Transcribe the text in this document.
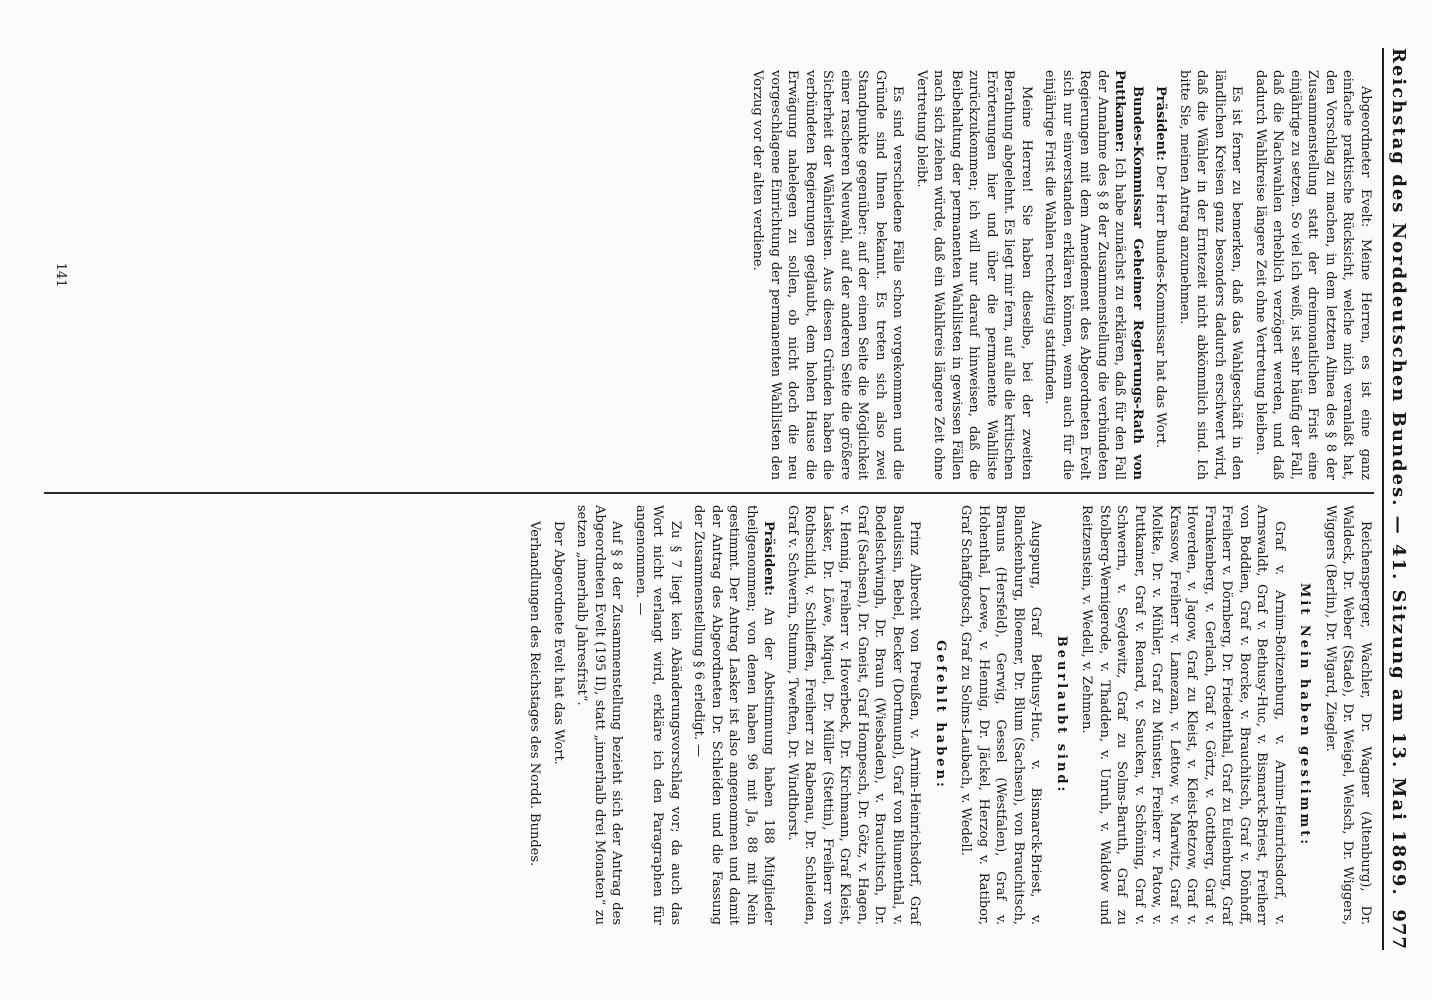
Reichstag des Norddeutschen Bundes. — 41. Sitzung am 13. Mai 1869.
977
Abgeordneter Evelt: Meine Herren, es ist eine ganz einfache praktische Rücksicht, welche mich veranlaßt hat, den Vorschlag zu machen, in dem letzten Alinea des § 8 der Zusammenstellung statt der dreimonatlichen Frist eine einjährige zu setzen. So viel ich weiß, ist sehr häufig der Fall, daß die Nachwahlen erheblich verzögert werden, und daß dadurch Wahlkreise längere Zeit ohne Vertretung bleiben.
Es ist ferner zu bemerken, daß das Wahlgeschäft in den ländlichen Kreisen ganz besonders dadurch erschwert wird, daß die Wähler in der Erntezeit nicht abkömmlich sind. Ich bitte Sie, meinen Antrag anzunehmen.
Präsident: Der Herr Bundes-Kommissar hat das Wort.
Bundes-Kommissar Geheimer Regierungs-Rath von Puttkamer: Ich habe zunächst zu erklären, daß für den Fall der Annahme des § 8 der Zusammenstellung die verbündeten Regierungen mit dem Amendement des Abgeordneten Evelt sich nur einverstanden erklären können, wenn auch für die einjährige Frist die Wahlen rechtzeitig stattfinden.
Meine Herren! Sie haben dieselbe, bei der zweiten Berathung abgelehnt. Es liegt mir fern, auf alle die kritischen Erörterungen hier und über die permanente Wahlliste zurückzukommen; ich will nur darauf hinweisen, daß die Beibehaltung der permanenten Wahllisten in gewissen Fällen nach sich ziehen würde, daß ein Wahlkreis längere Zeit ohne Vertretung bleibt.
Es sind verschiedene Fälle schon vorgekommen und die Gründe sind Ihnen bekannt. Es treten sich also zwei Standpunkte gegenüber: auf der einen Seite die Möglichkeit einer rascheren Neuwahl, auf der anderen Seite die größere Sicherheit der Wählerlisten. Aus diesen Gründen haben die verbündeten Regierungen geglaubt, dem hohen Hause die Erwägung nahelegen zu sollen, ob nicht doch die neu vorgeschlagene Einrichtung der permanenten Wahllisten den Vorzug vor der alten verdiene.
141
Reichensperger, Wachler, Dr. Wagner (Altenburg), Dr. Waldeck, Dr. Weber (Stade), Dr. Weigel, Welsch, Dr. Wiggers, Wiggers (Berlin), Dr. Wigard, Ziegler.
Mit Nein haben gestimmt:
Graf v. Arnim-Boitzenburg, v. Arnim-Heinrichsdorf, v. Arnswaldt, Graf v. Bethusy-Huc, v. Bismarck-Briest, Freiherr von Boddien, Graf v. Borcke, v. Brauchitsch, Graf v. Dönhoff, Freiherr v. Dörnberg, Dr. Friedenthal, Graf zu Eulenburg, Graf Frankenberg, v. Gerlach, Graf v. Görtz, v. Gottberg, Graf v. Hoverden, v. Jagow, Graf zu Kleist, v. Kleist-Retzow, Graf v. Krassow, Freiherr v. Lamezan, v. Lettow, v. Marwitz, Graf v. Moltke, Dr. v. Mühler, Graf zu Münster, Freiherr v. Patow, v. Puttkamer, Graf v. Renard, v. Saucken, v. Schöning, Graf v. Schwerin, v. Seydewitz, Graf zu Solms-Baruth, Graf zu Stolberg-Wernigerode, v. Thadden, v. Unruh, v. Waldow und Reitzenstein, v. Wedell, v. Zehmen.
Beurlaubt sind:
Augspurg, Graf Bethusy-Huc, v. Bismarck-Briest, v. Blanckenburg, Bloemer, Dr. Blum (Sachsen), von Brauchitsch, Brauns (Hersfeld), Gerwig, Gessel (Westfalen), Graf v. Hohenthal, Loewe, v. Hennig, Dr. Jäckel, Herzog v. Ratibor, Graf Schaffgotsch, Graf zu Solms-Laubach, v. Wedell.
Gefehlt haben:
Prinz Albrecht von Preußen, v. Arnim-Heinrichsdorf, Graf Baudissin, Bebel, Becker (Dortmund), Graf von Blumenthal, v. Bodelschwingh, Dr. Braun (Wiesbaden), v. Brauchitsch, Dr. Graf (Sachsen), Dr. Gneist, Graf Hompesch, Dr. Götz, v. Hagen, v. Hennig, Freiherr v. Hoverbeck, Dr. Kirchmann, Graf Kleist, Lasker, Dr. Löwe, Miquel, Dr. Müller (Stettin), Freiherr von Rothschild, v. Schlieffen, Freiherr zu Rabenau, Dr. Schleiden, Graf v. Schwerin, Stumm, Tweften, Dr. Windthorst.
Präsident: An der Abstimmung haben 188 Mitglieder theilgenommen; von denen haben 96 mit Ja, 88 mit Nein gestimmt. Der Antrag Lasker ist also angenommen und damit der Antrag des Abgeordneten Dr. Schleiden und die Fassung der Zusammenstellung § 6 erledigt. —
Zu § 7 liegt kein Abänderungsvorschlag vor; da auch das Wort nicht verlangt wird, erkläre ich den Paragraphen für angenommen. —
Auf § 8 der Zusammenstellung bezieht sich der Antrag des Abgeordneten Evelt (195 II), statt „innerhalb drei Monaten“ zu setzen „innerhalb Jahresfrist“.
Der Abgeordnete Evelt hat das Wort.
Verhandlungen des Reichstages des Nordd. Bundes.
